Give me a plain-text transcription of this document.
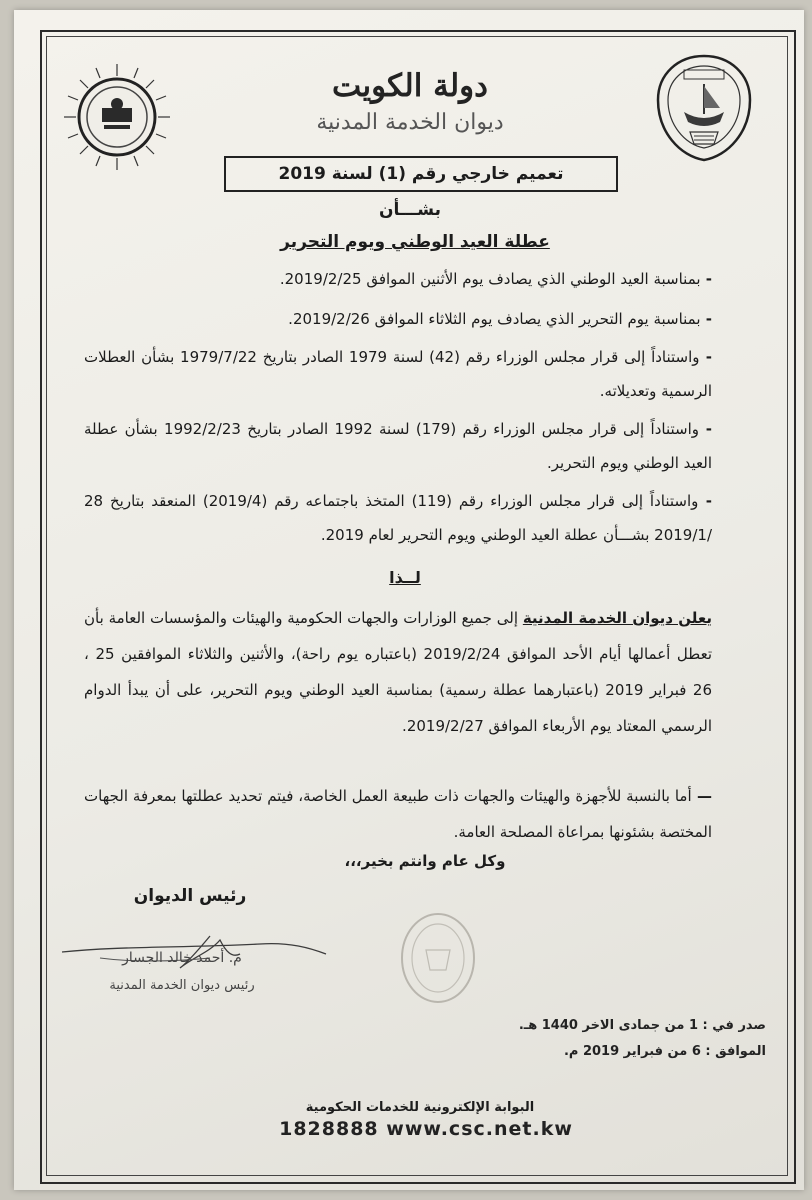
دولة الكويت
ديوان الخدمة المدنية
تعميم خارجي رقم (1) لسنة 2019
بشـــأن
عطلة العيد الوطني ويوم التحرير
- بمناسبة العيد الوطني الذي يصادف يوم الأثنين الموافق 2019/2/25.
- بمناسبة يوم التحرير الذي يصادف يوم الثلاثاء الموافق 2019/2/26.
- واستناداً إلى قرار مجلس الوزراء رقم (42) لسنة 1979 الصادر بتاريخ 1979/7/22 بشأن العطلات الرسمية وتعديلاته.
- واستناداً إلى قرار مجلس الوزراء رقم (179) لسنة 1992 الصادر بتاريخ 1992/2/23 بشأن عطلة العيد الوطني ويوم التحرير.
- واستناداً إلى قرار مجلس الوزراء رقم (119) المتخذ باجتماعه رقم (2019/4) المنعقد بتاريخ 28 /2019/1 بشـــأن عطلة العيد الوطني ويوم التحرير لعام 2019.
لــذا
يعلن ديوان الخدمة المدنية إلى جميع الوزارات والجهات الحكومية والهيئات والمؤسسات العامة بأن تعطل أعمالها أيام الأحد الموافق 2019/2/24 (باعتباره يوم راحة)، والأثنين والثلاثاء الموافقين 25 ، 26 فبراير 2019 (باعتبارهما عطلة رسمية) بمناسبة العيد الوطني ويوم التحرير، على أن يبدأ الدوام الرسمي المعتاد يوم الأربعاء الموافق 2019/2/27.
— أما بالنسبة للأجهزة والهيئات والجهات ذات طبيعة العمل الخاصة، فيتم تحديد عطلتها بمعرفة الجهات المختصة بشئونها بمراعاة المصلحة العامة.
وكل عام وانتم بخير،،،
رئيس الديوان
م. أحمد خالد الجسار
رئيس ديوان الخدمة المدنية
صدر في : 1 من جمادى الاخر 1440 هـ.
الموافق : 6 من فبراير 2019 م.
البوابة الإلكترونية للخدمات الحكومية
1828888 www.csc.net.kw
